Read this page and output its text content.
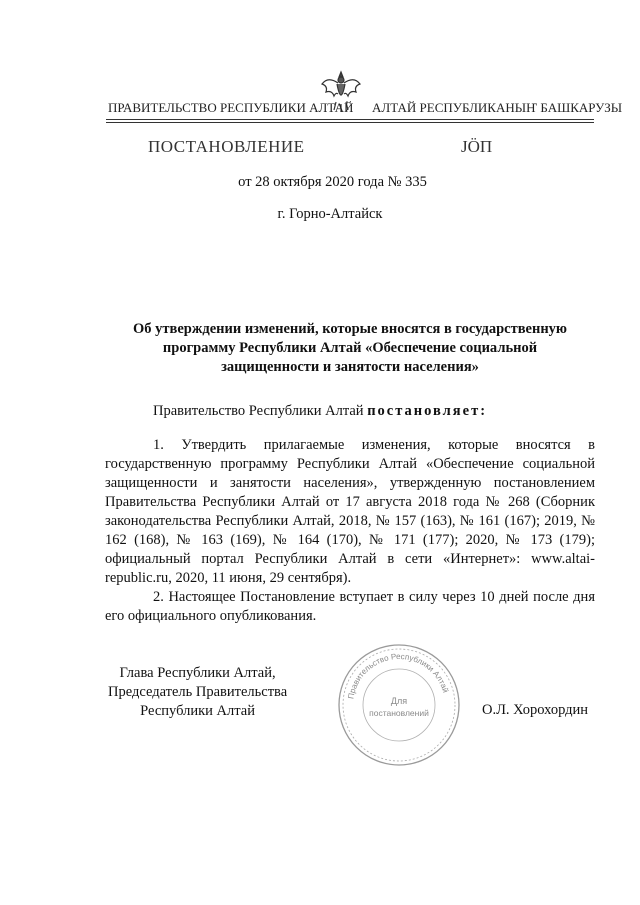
ПРАВИТЕЛЬСТВО РЕСПУБЛИКИ АЛТАЙ АЛТАЙ РЕСПУБЛИКАНЫҤ БАШКАРУЗЫ
ПОСТАНОВЛЕНИЕ	JӦП
от 28 октября 2020 года № 335
г. Горно-Алтайск
Об утверждении изменений, которые вносятся в государственную
программу Республики Алтай «Обеспечение социальной
защищенности и занятости населения»
Правительство Республики Алтай постановляет:

1. Утвердить прилагаемые изменения, которые вносятся в государственную программу Республики Алтай «Обеспечение социальной защищенности и занятости населения», утвержденную постановлением Правительства Республики Алтай от 17 августа 2018 года № 268 (Сборник законодательства Республики Алтай, 2018, № 157 (163), № 161 (167); 2019, № 162 (168), № 163 (169), № 164 (170), № 171 (177); 2020, № 173 (179); официальный портал Республики Алтай в сети «Интернет»: www.altai-republic.ru, 2020, 11 июня, 29 сентября).

2. Настоящее Постановление вступает в силу через 10 дней после дня его официального опубликования.

Глава Республики Алтай,
Председатель Правительства
Республики Алтай
Правительство Республики Алтай
Для
постановлений	О.Л. Хорохордин
